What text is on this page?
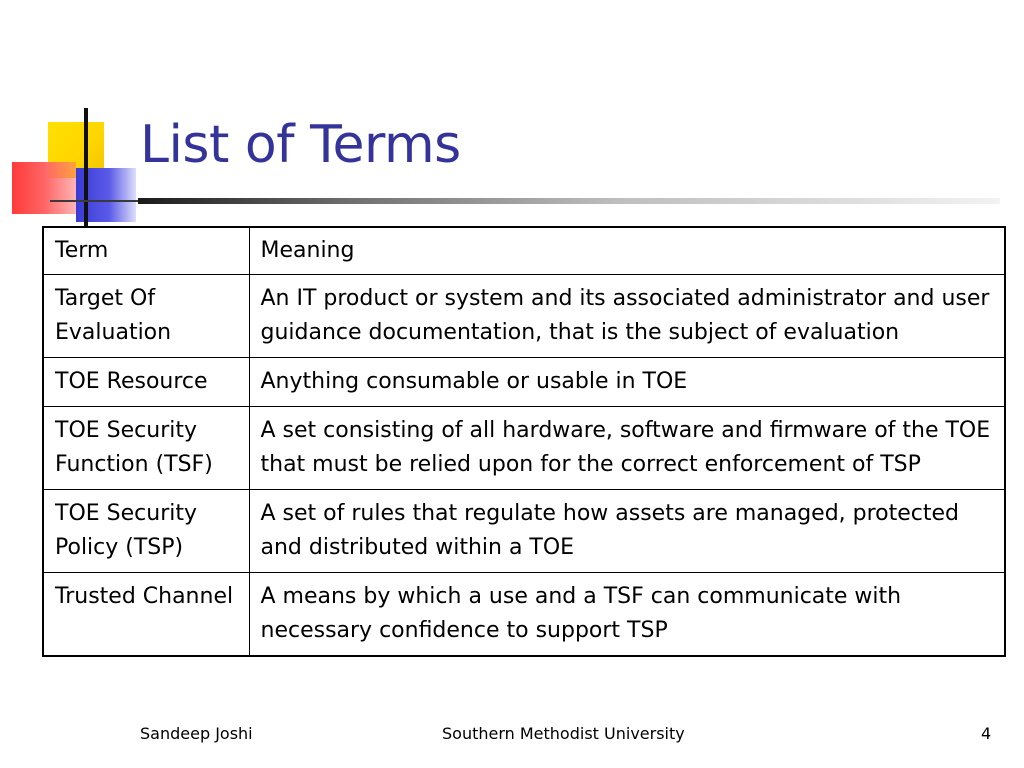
List of Terms
Term	Meaning
Target Of Evaluation	An IT product or system and its associated administrator and user guidance documentation, that is the subject of evaluation
TOE Resource	Anything consumable or usable in TOE
TOE Security Function (TSF)	A set consisting of all hardware, software and firmware of the TOE that must be relied upon for the correct enforcement of TSP
TOE Security Policy (TSP)	A set of rules that regulate how assets are managed, protected and distributed within a TOE
Trusted Channel	A means by which a use and a TSF can communicate with necessary confidence to support TSP
Sandeep Joshi	Southern Methodist University	4
